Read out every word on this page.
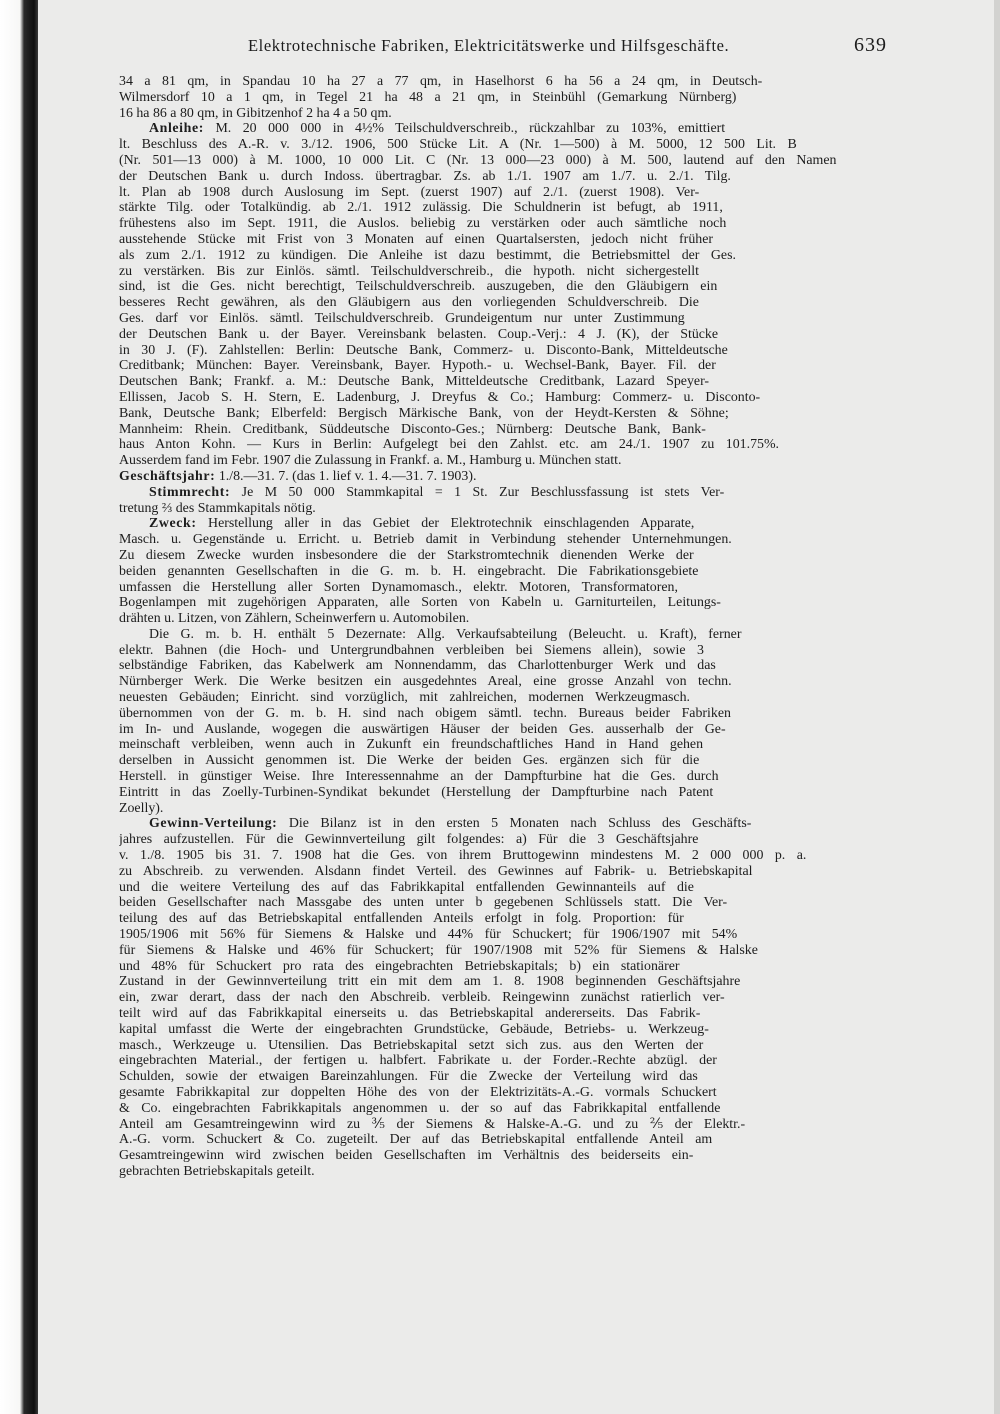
Elektrotechnische Fabriken, Elektricitätswerke und Hilfsgeschäfte.	639
34 a 81 qm, in Spandau 10 ha 27 a 77 qm, in Haselhorst 6 ha 56 a 24 qm, in Deutsch-
Wilmersdorf 10 a 1 qm, in Tegel 21 ha 48 a 21 qm, in Steinbühl (Gemarkung Nürnberg)
16 ha 86 a 80 qm, in Gibitzenhof 2 ha 4 a 50 qm.
Anleihe: M. 20 000 000 in 4½% Teilschuldverschreib., rückzahlbar zu 103%, emittiert
lt. Beschluss des A.-R. v. 3./12. 1906, 500 Stücke Lit. A (Nr. 1—500) à M. 5000, 12 500 Lit. B
(Nr. 501—13 000) à M. 1000, 10 000 Lit. C (Nr. 13 000—23 000) à M. 500, lautend auf den Namen
der Deutschen Bank u. durch Indoss. übertragbar. Zs. ab 1./1. 1907 am 1./7. u. 2./1. Tilg.
lt. Plan ab 1908 durch Auslosung im Sept. (zuerst 1907) auf 2./1. (zuerst 1908). Ver-
stärkte Tilg. oder Totalkündig. ab 2./1. 1912 zulässig. Die Schuldnerin ist befugt, ab 1911,
frühestens also im Sept. 1911, die Auslos. beliebig zu verstärken oder auch sämtliche noch
ausstehende Stücke mit Frist von 3 Monaten auf einen Quartalsersten, jedoch nicht früher
als zum 2./1. 1912 zu kündigen. Die Anleihe ist dazu bestimmt, die Betriebsmittel der Ges.
zu verstärken. Bis zur Einlös. sämtl. Teilschuldverschreib., die hypoth. nicht sichergestellt
sind, ist die Ges. nicht berechtigt, Teilschuldverschreib. auszugeben, die den Gläubigern ein
besseres Recht gewähren, als den Gläubigern aus den vorliegenden Schuldverschreib. Die
Ges. darf vor Einlös. sämtl. Teilschuldverschreib. Grundeigentum nur unter Zustimmung
der Deutschen Bank u. der Bayer. Vereinsbank belasten. Coup.-Verj.: 4 J. (K), der Stücke
in 30 J. (F). Zahlstellen: Berlin: Deutsche Bank, Commerz- u. Disconto-Bank, Mitteldeutsche
Creditbank; München: Bayer. Vereinsbank, Bayer. Hypoth.- u. Wechsel-Bank, Bayer. Fil. der
Deutschen Bank; Frankf. a. M.: Deutsche Bank, Mitteldeutsche Creditbank, Lazard Speyer-
Ellissen, Jacob S. H. Stern, E. Ladenburg, J. Dreyfus & Co.; Hamburg: Commerz- u. Disconto-
Bank, Deutsche Bank; Elberfeld: Bergisch Märkische Bank, von der Heydt-Kersten & Söhne;
Mannheim: Rhein. Creditbank, Süddeutsche Disconto-Ges.; Nürnberg: Deutsche Bank, Bank-
haus Anton Kohn. — Kurs in Berlin: Aufgelegt bei den Zahlst. etc. am 24./1. 1907 zu 101.75%.
Ausserdem fand im Febr. 1907 die Zulassung in Frankf. a. M., Hamburg u. München statt.
Geschäftsjahr: 1./8.—31. 7. (das 1. lief v. 1. 4.—31. 7. 1903).
Stimmrecht: Je M 50 000 Stammkapital = 1 St. Zur Beschlussfassung ist stets Ver-
tretung ⅔ des Stammkapitals nötig.
Zweck: Herstellung aller in das Gebiet der Elektrotechnik einschlagenden Apparate,
Masch. u. Gegenstände u. Erricht. u. Betrieb damit in Verbindung stehender Unternehmungen.
Zu diesem Zwecke wurden insbesondere die der Starkstromtechnik dienenden Werke der
beiden genannten Gesellschaften in die G. m. b. H. eingebracht. Die Fabrikationsgebiete
umfassen die Herstellung aller Sorten Dynamomasch., elektr. Motoren, Transformatoren,
Bogenlampen mit zugehörigen Apparaten, alle Sorten von Kabeln u. Garniturteilen, Leitungs-
drähten u. Litzen, von Zählern, Scheinwerfern u. Automobilen.
Die G. m. b. H. enthält 5 Dezernate: Allg. Verkaufsabteilung (Beleucht. u. Kraft), ferner
elektr. Bahnen (die Hoch- und Untergrundbahnen verbleiben bei Siemens allein), sowie 3
selbständige Fabriken, das Kabelwerk am Nonnendamm, das Charlottenburger Werk und das
Nürnberger Werk. Die Werke besitzen ein ausgedehntes Areal, eine grosse Anzahl von techn.
neuesten Gebäuden; Einricht. sind vorzüglich, mit zahlreichen, modernen Werkzeugmasch.
übernommen von der G. m. b. H. sind nach obigem sämtl. techn. Bureaus beider Fabriken
im In- und Auslande, wogegen die auswärtigen Häuser der beiden Ges. ausserhalb der Ge-
meinschaft verbleiben, wenn auch in Zukunft ein freundschaftliches Hand in Hand gehen
derselben in Aussicht genommen ist. Die Werke der beiden Ges. ergänzen sich für die
Herstell. in günstiger Weise. Ihre Interessennahme an der Dampfturbine hat die Ges. durch
Eintritt in das Zoelly-Turbinen-Syndikat bekundet (Herstellung der Dampfturbine nach Patent
Zoelly).
Gewinn-Verteilung: Die Bilanz ist in den ersten 5 Monaten nach Schluss des Geschäfts-
jahres aufzustellen. Für die Gewinnverteilung gilt folgendes: a) Für die 3 Geschäftsjahre
v. 1./8. 1905 bis 31. 7. 1908 hat die Ges. von ihrem Bruttogewinn mindestens M. 2 000 000 p. a.
zu Abschreib. zu verwenden. Alsdann findet Verteil. des Gewinnes auf Fabrik- u. Betriebskapital
und die weitere Verteilung des auf das Fabrikkapital entfallenden Gewinnanteils auf die
beiden Gesellschafter nach Massgabe des unten unter b gegebenen Schlüssels statt. Die Ver-
teilung des auf das Betriebskapital entfallenden Anteils erfolgt in folg. Proportion: für
1905/1906 mit 56% für Siemens & Halske und 44% für Schuckert; für 1906/1907 mit 54%
für Siemens & Halske und 46% für Schuckert; für 1907/1908 mit 52% für Siemens & Halske
und 48% für Schuckert pro rata des eingebrachten Betriebskapitals; b) ein stationärer
Zustand in der Gewinnverteilung tritt ein mit dem am 1. 8. 1908 beginnenden Geschäftsjahre
ein, zwar derart, dass der nach den Abschreib. verbleib. Reingewinn zunächst ratierlich ver-
teilt wird auf das Fabrikkapital einerseits u. das Betriebskapital andererseits. Das Fabrik-
kapital umfasst die Werte der eingebrachten Grundstücke, Gebäude, Betriebs- u. Werkzeug-
masch., Werkzeuge u. Utensilien. Das Betriebskapital setzt sich zus. aus den Werten der
eingebrachten Material., der fertigen u. halbfert. Fabrikate u. der Forder.-Rechte abzügl. der
Schulden, sowie der etwaigen Bareinzahlungen. Für die Zwecke der Verteilung wird das
gesamte Fabrikkapital zur doppelten Höhe des von der Elektrizitäts-A.-G. vormals Schuckert
& Co. eingebrachten Fabrikkapitals angenommen u. der so auf das Fabrikkapital entfallende
Anteil am Gesamtreingewinn wird zu ⅗ der Siemens & Halske-A.-G. und zu ⅖ der Elektr.-
A.-G. vorm. Schuckert & Co. zugeteilt. Der auf das Betriebskapital entfallende Anteil am
Gesamtreingewinn wird zwischen beiden Gesellschaften im Verhältnis des beiderseits ein-
gebrachten Betriebskapitals geteilt.
